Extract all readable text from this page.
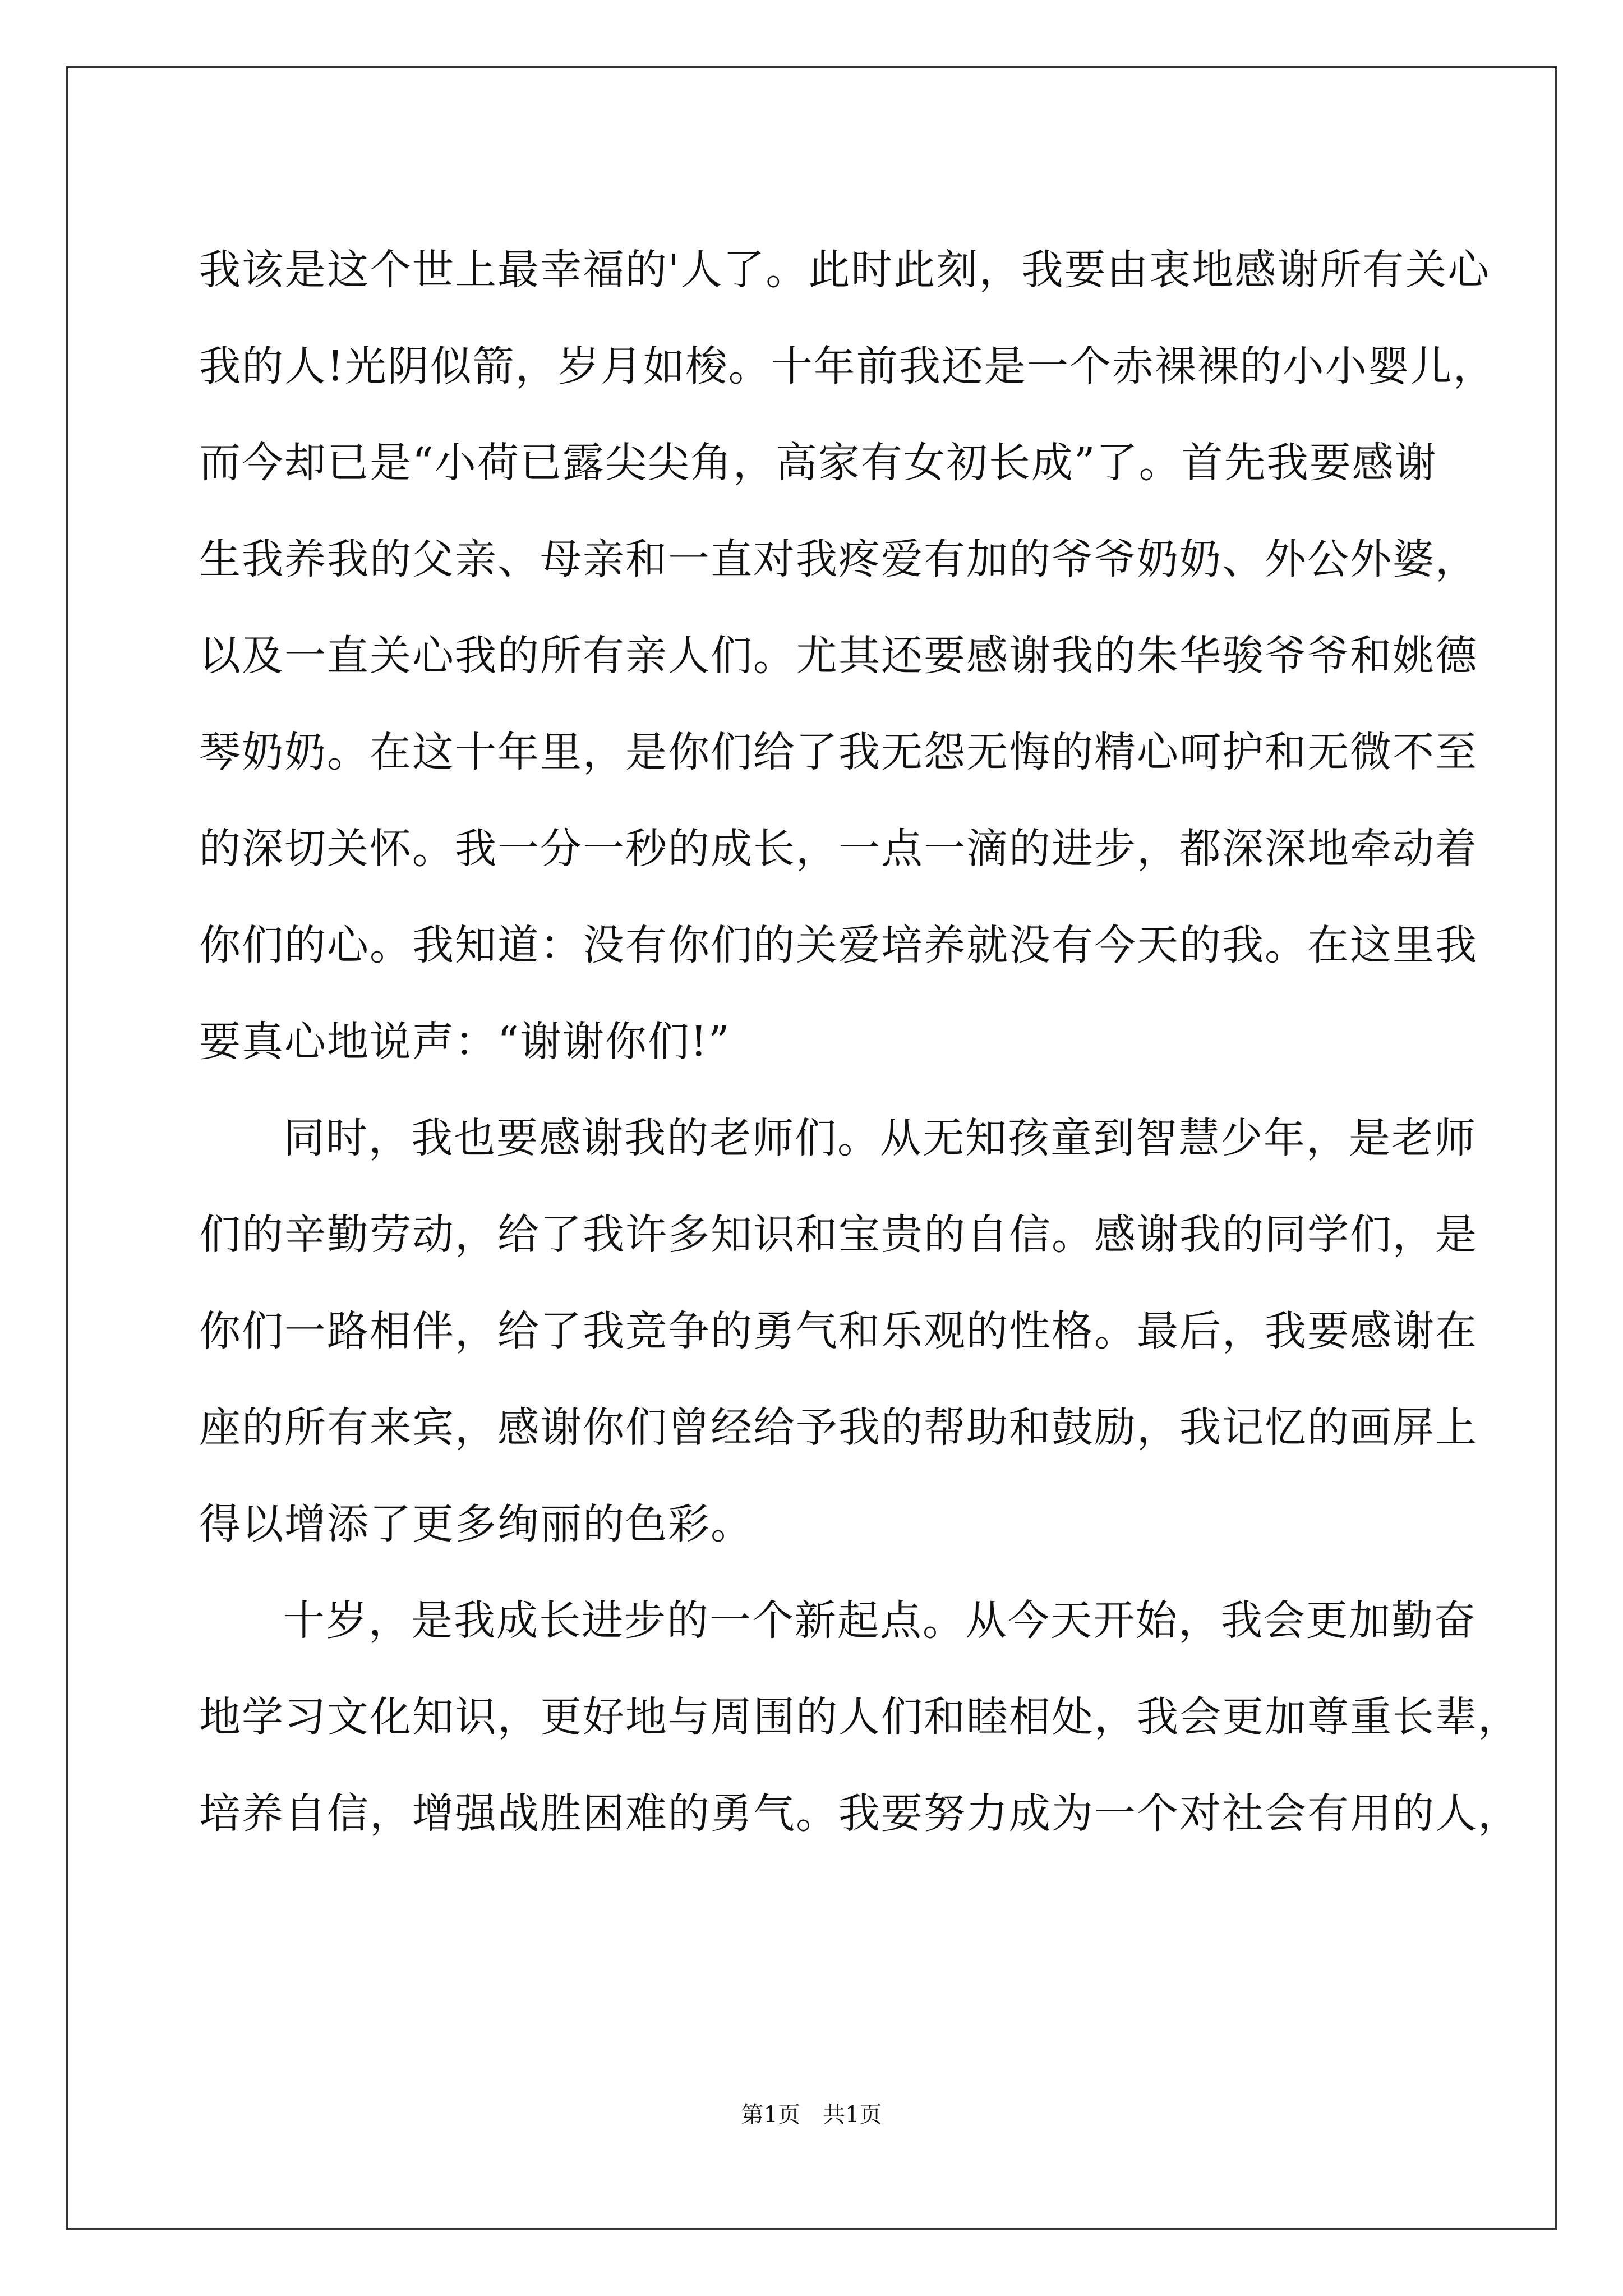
我该是这个世上最幸福的'人了。此时此刻，我要由衷地感谢所有关心
我的人!光阴似箭，岁月如梭。十年前我还是一个赤裸裸的小小婴儿，
而今却已是“小荷已露尖尖角，高家有女初长成”了。首先我要感谢
生我养我的父亲、母亲和一直对我疼爱有加的爷爷奶奶、外公外婆，
以及一直关心我的所有亲人们。尤其还要感谢我的朱华骏爷爷和姚德
琴奶奶。在这十年里，是你们给了我无怨无悔的精心呵护和无微不至
的深切关怀。我一分一秒的成长，一点一滴的进步，都深深地牵动着
你们的心。我知道：没有你们的关爱培养就没有今天的我。在这里我
要真心地说声：“谢谢你们!”
同时，我也要感谢我的老师们。从无知孩童到智慧少年，是老师
们的辛勤劳动，给了我许多知识和宝贵的自信。感谢我的同学们，是
你们一路相伴，给了我竞争的勇气和乐观的性格。最后，我要感谢在
座的所有来宾，感谢你们曾经给予我的帮助和鼓励，我记忆的画屏上
得以增添了更多绚丽的色彩。
十岁，是我成长进步的一个新起点。从今天开始，我会更加勤奋
地学习文化知识，更好地与周围的人们和睦相处，我会更加尊重长辈，
培养自信，增强战胜困难的勇气。我要努力成为一个对社会有用的人，
第1页 共1页
